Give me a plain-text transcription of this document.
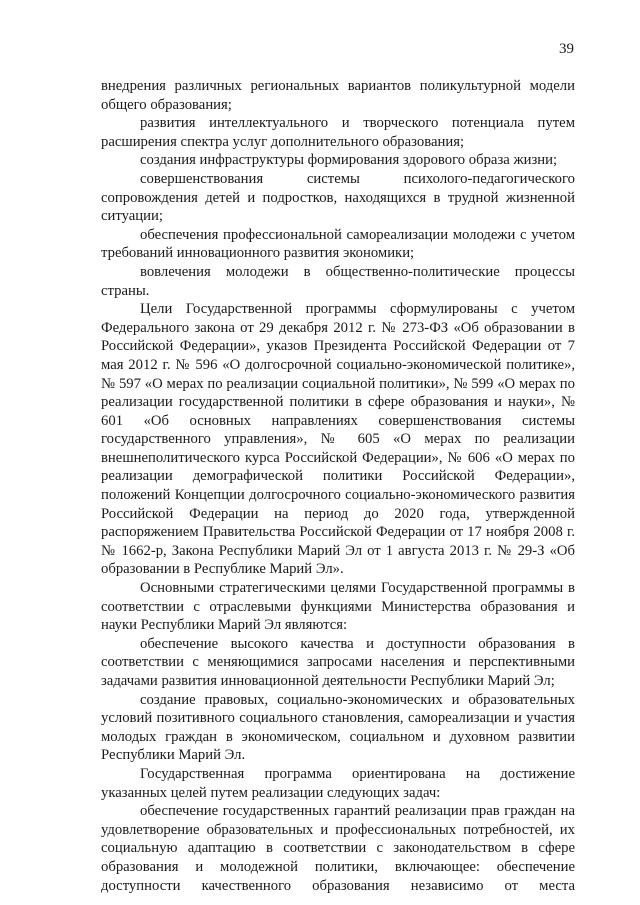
39

внедрения различных региональных вариантов поликультурной модели общего образования;

развития интеллектуального и творческого потенциала путем расширения спектра услуг дополнительного образования;

создания инфраструктуры формирования здорового образа жизни;

совершенствования системы психолого-педагогического сопровождения детей и подростков, находящихся в трудной жизненной ситуации;

обеспечения профессиональной самореализации молодежи с учетом требований инновационного развития экономики;

вовлечения молодежи в общественно-политические процессы страны.

Цели Государственной программы сформулированы с учетом Федерального закона от 29 декабря 2012 г. № 273-ФЗ «Об образовании в Российской Федерации», указов Президента Российской Федерации от 7 мая 2012 г. № 596 «О долгосрочной социально-экономической политике», № 597 «О мерах по реализации социальной политики», № 599 «О мерах по реализации государственной политики в сфере образования и науки», № 601 «Об основных направлениях совершенствования системы государственного управления», № 605 «О мерах по реализации внешнеполитического курса Российской Федерации», № 606 «О мерах по реализации демографической политики Российской Федерации», положений Концепции долгосрочного социально-экономического развития Российской Федерации на период до 2020 года, утвержденной распоряжением Правительства Российской Федерации от 17 ноября 2008 г. № 1662-р, Закона Республики Марий Эл от 1 августа 2013 г. № 29-З «Об образовании в Республике Марий Эл».

Основными стратегическими целями Государственной программы в соответствии с отраслевыми функциями Министерства образования и науки Республики Марий Эл являются:

обеспечение высокого качества и доступности образования в соответствии с меняющимися запросами населения и перспективными задачами развития инновационной деятельности Республики Марий Эл;

создание правовых, социально-экономических и образовательных условий позитивного социального становления, самореализации и участия молодых граждан в экономическом, социальном и духовном развитии Республики Марий Эл.

Государственная программа ориентирована на достижение указанных целей путем реализации следующих задач:

обеспечение государственных гарантий реализации прав граждан на удовлетворение образовательных и профессиональных потребностей, их социальную адаптацию в соответствии с законодательством в сфере образования и молодежной политики, включающее: обеспечение доступности качественного образования независимо от места
